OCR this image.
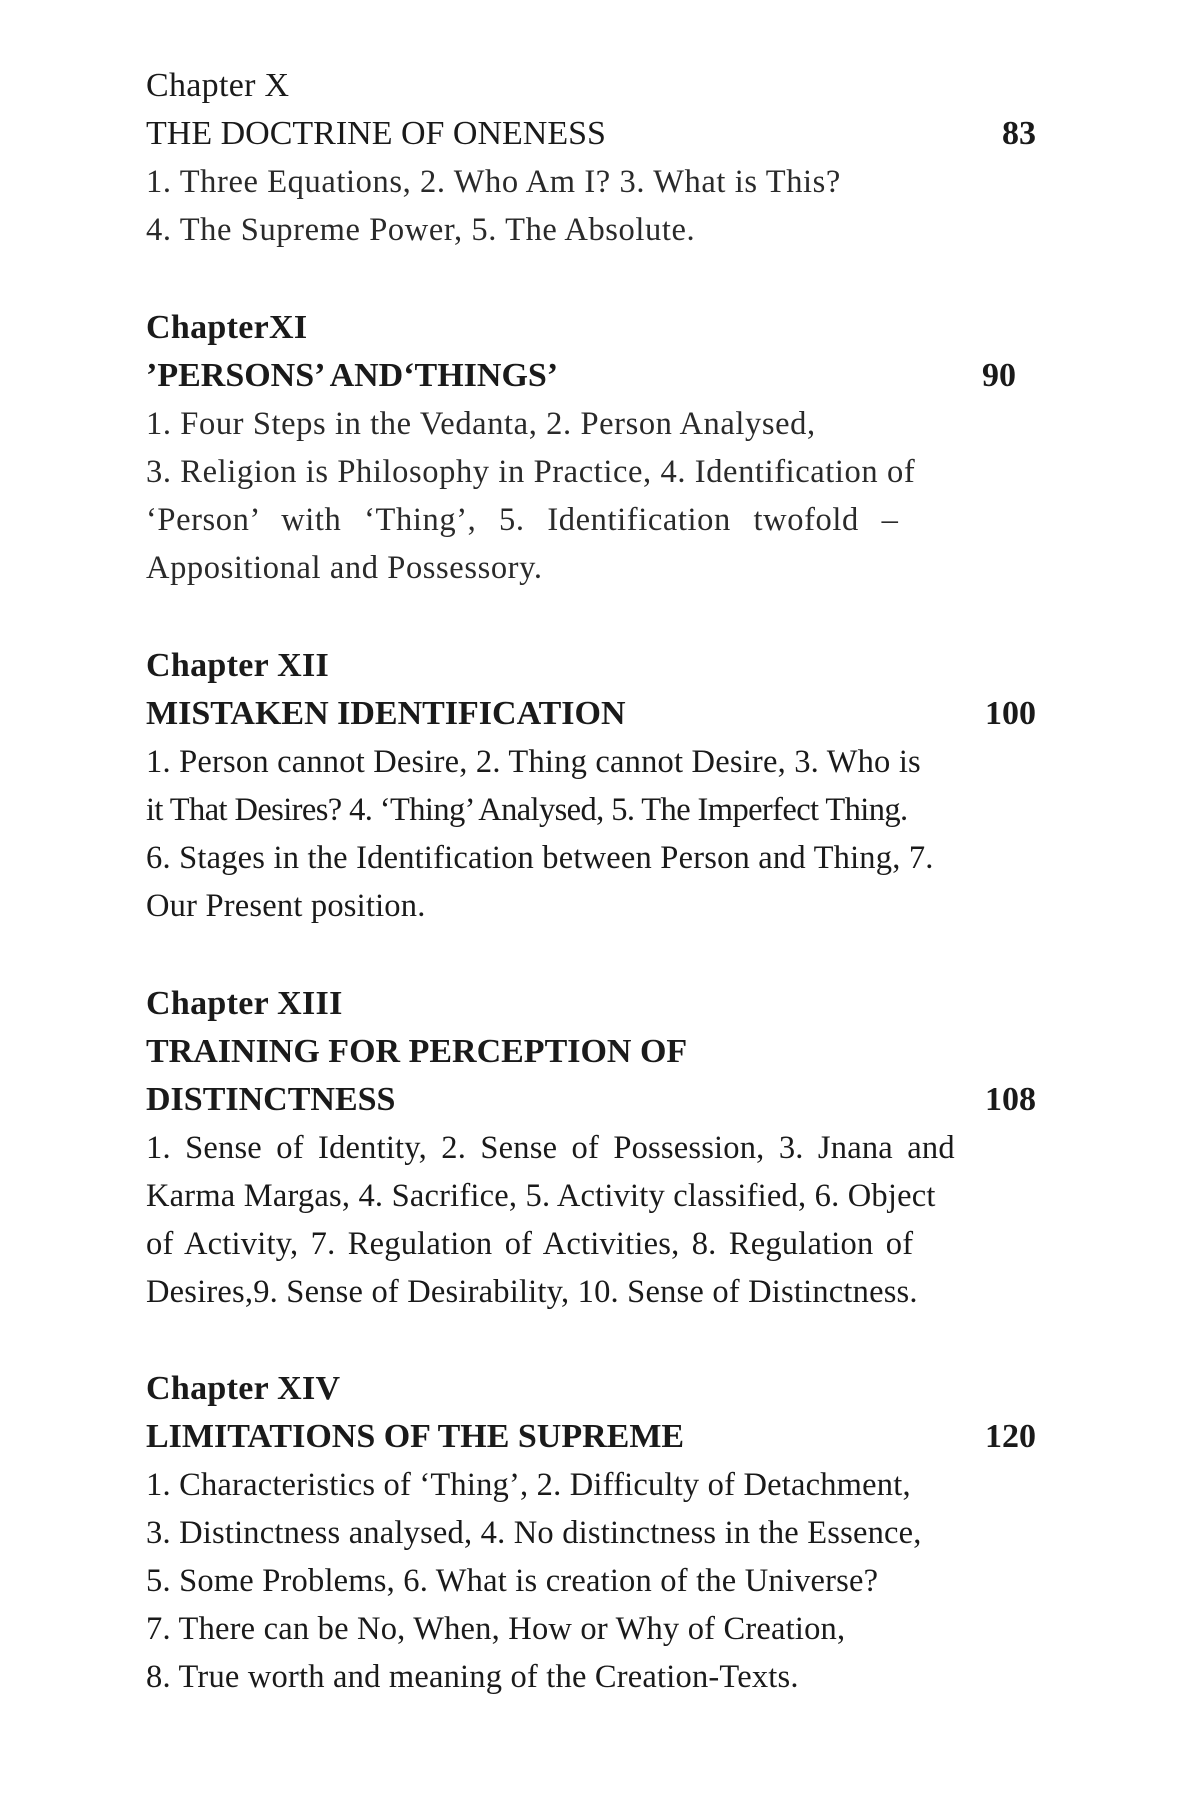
Chapter X
THE DOCTRINE OF ONENESS	83
1. Three Equations, 2. Who Am I? 3. What is This?
4. The Supreme Power, 5. The Absolute.
ChapterXI
’PERSONS’ AND‘THINGS’	90
1. Four Steps in the Vedanta, 2. Person Analysed,
3. Religion is Philosophy in Practice, 4. Identification of
‘Person’ with ‘Thing’, 5. Identification twofold –
Appositional and Possessory.
Chapter XII
MISTAKEN IDENTIFICATION	100
1. Person cannot Desire, 2. Thing cannot Desire, 3. Who is
it That Desires? 4. ‘Thing’ Analysed, 5. The Imperfect Thing.
6. Stages in the Identification between Person and Thing, 7.
Our Present position.
Chapter XIII
TRAINING FOR PERCEPTION OF
DISTINCTNESS	108
1. Sense of Identity, 2. Sense of Possession, 3. Jnana and
Karma Margas, 4. Sacrifice, 5. Activity classified, 6. Object
of Activity, 7. Regulation of Activities, 8. Regulation of
Desires,9. Sense of Desirability, 10. Sense of Distinctness.
Chapter XIV
LIMITATIONS OF THE SUPREME	120
1. Characteristics of ‘Thing’, 2. Difficulty of Detachment,
3. Distinctness analysed, 4. No distinctness in the Essence,
5. Some Problems, 6. What is creation of the Universe?
7. There can be No, When, How or Why of Creation,
8. True worth and meaning of the Creation-Texts.
